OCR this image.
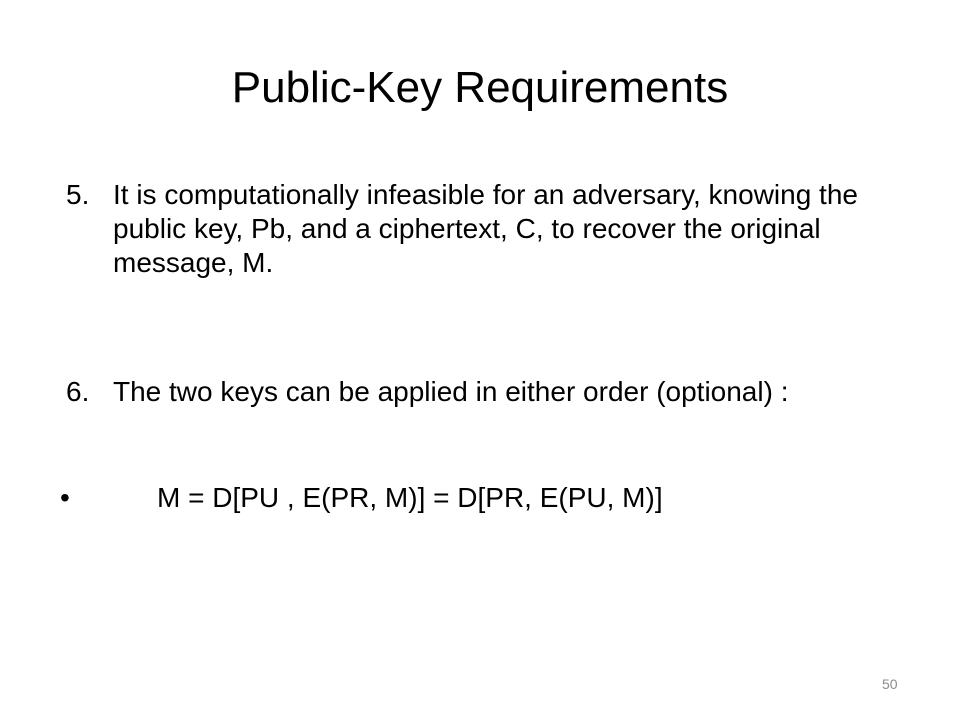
Public-Key Requirements
5. It is computationally infeasible for an adversary, knowing the public key, Pb, and a ciphertext, C, to recover the original message, M.
6. The two keys can be applied in either order (optional) :
•	M = D[PU , E(PR, M)] = D[PR, E(PU, M)]
50
